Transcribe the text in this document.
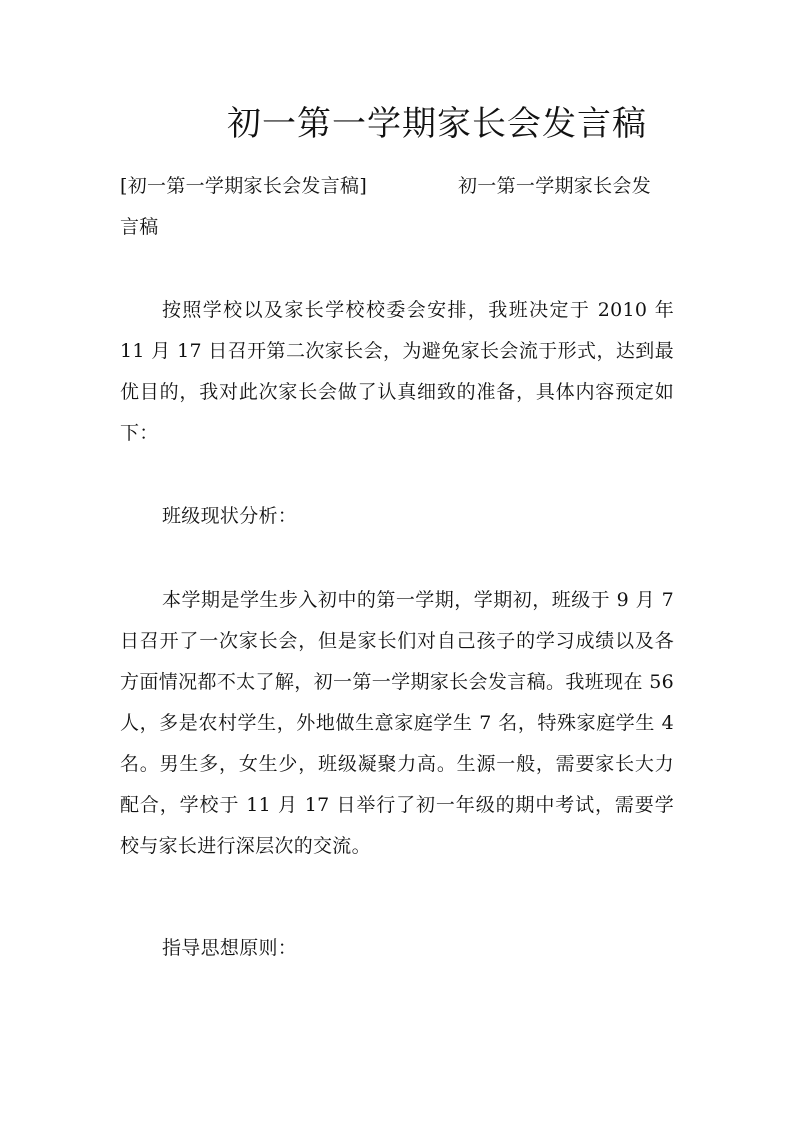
初一第一学期家长会发言稿
[初一第一学期家长会发言稿]	初一第一学期家长会发
言稿

按照学校以及家长学校校委会安排，我班决定于 2010 年 11 月 17 日召开第二次家长会，为避免家长会流于形式，达到最优目的，我对此次家长会做了认真细致的准备，具体内容预定如下：

班级现状分析：

本学期是学生步入初中的第一学期，学期初，班级于 9 月 7 日召开了一次家长会，但是家长们对自己孩子的学习成绩以及各方面情况都不太了解，初一第一学期家长会发言稿。我班现在 56 人，多是农村学生，外地做生意家庭学生 7 名，特殊家庭学生 4 名。男生多，女生少，班级凝聚力高。生源一般，需要家长大力配合，学校于 11 月 17 日举行了初一年级的期中考试，需要学校与家长进行深层次的交流。

指导思想原则：
